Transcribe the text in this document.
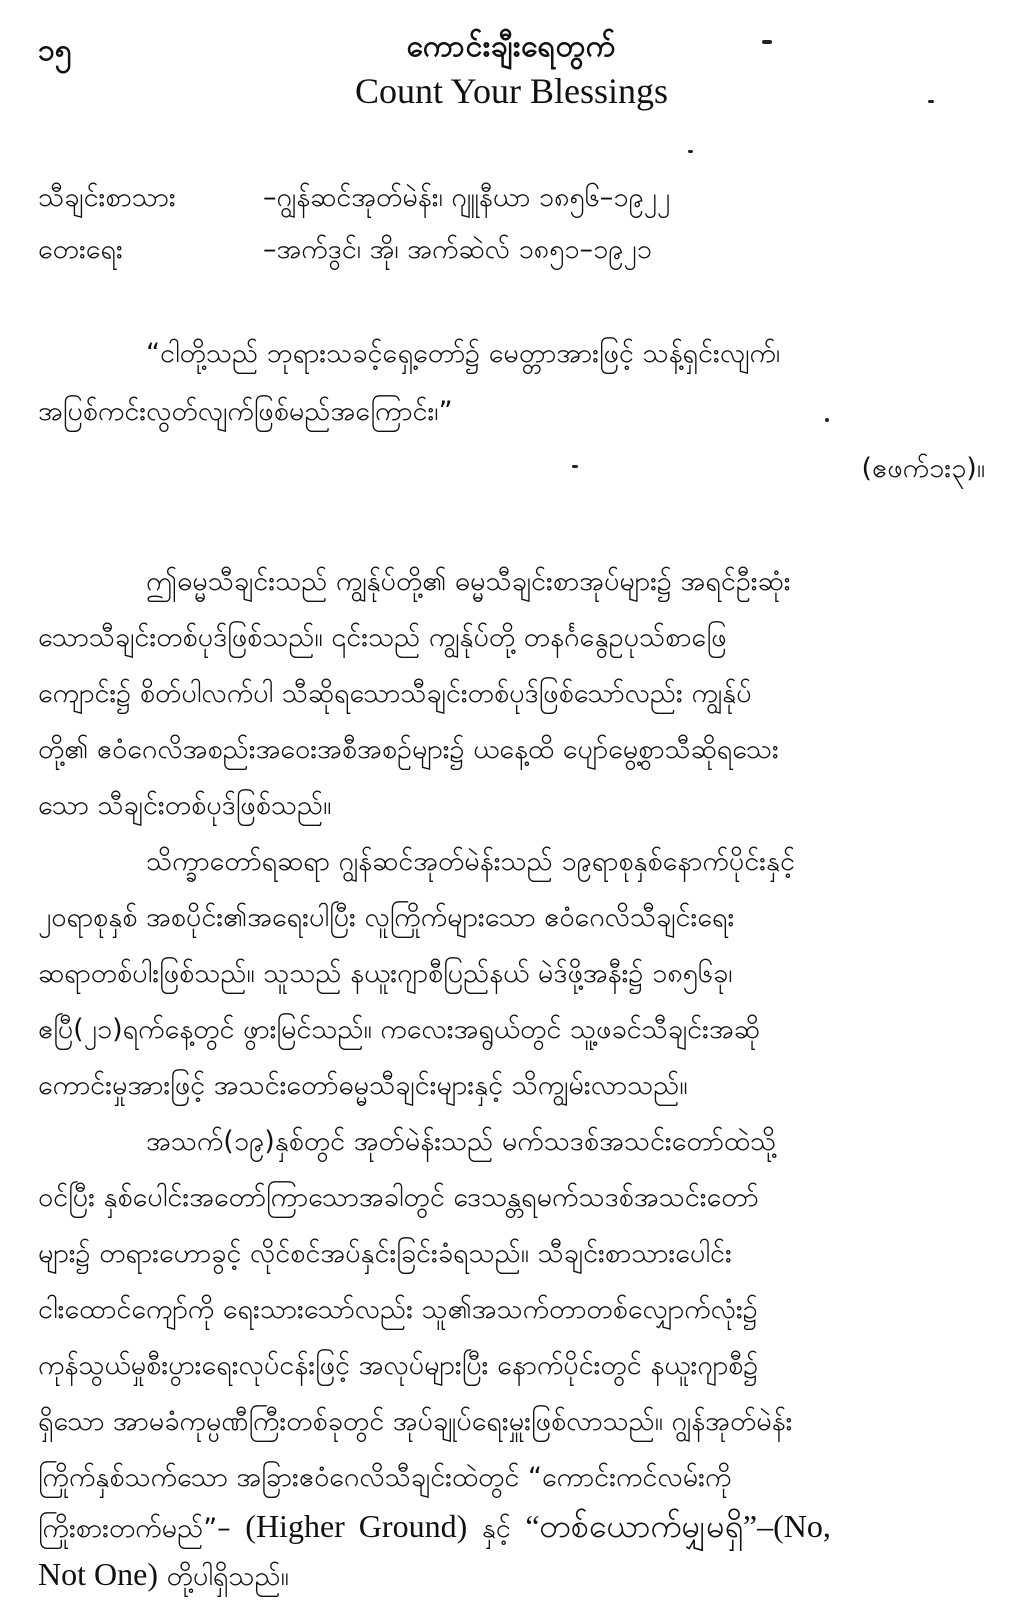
၁၅	ကောင်းချီးရေတွက်
Count Your Blessings
သီချင်းစာသား	–ဂျွန်ဆင်အုတ်မဲန်း၊ ဂျူနီယာ ၁၈၅၆–၁၉၂၂
တေးရေး	–အက်ဒွင်၊ အို၊ အက်ဆဲလ် ၁၈၅၁–၁၉၂၁
“ငါတို့သည် ဘုရားသခင့်ရှေ့တော်၌ မေတ္တာအားဖြင့် သန့်ရှင်းလျက်၊
အပြစ်ကင်းလွတ်လျက်ဖြစ်မည်အကြောင်း၊”
(ဧဖက်၁း၃)။
ဤဓမ္မသီချင်းသည် ကျွန်ုပ်တို့၏ ဓမ္မသီချင်းစာအုပ်များ၌ အရင်ဦးဆုံး
သောသီချင်းတစ်ပုဒ်ဖြစ်သည်။ ၎င်းသည် ကျွန်ုပ်တို့ တနင်္ဂနွေဥပုသ်စာဖြေ
ကျောင်း၌ စိတ်ပါလက်ပါ သီဆိုရသောသီချင်းတစ်ပုဒ်ဖြစ်သော်လည်း ကျွန်ုပ်
တို့၏ ဧဝံဂေလိအစည်းအဝေးအစီအစဉ်များ၌ ယနေ့ထိ ပျော်မွေ့စွာသီဆိုရသေး
သော သီချင်းတစ်ပုဒ်ဖြစ်သည်။
သိက္ခာတော်ရဆရာ ဂျွန်ဆင်အုတ်မဲန်းသည် ၁၉ရာစုနှစ်နောက်ပိုင်းနှင့်
၂၀ရာစုနှစ် အစပိုင်း၏အရေးပါပြီး လူကြိုက်များသော ဧဝံဂေလိသီချင်းရေး
ဆရာတစ်ပါးဖြစ်သည်။ သူသည် နယူးဂျာစီပြည်နယ် မဲဒ်ဖို့အနီး၌ ၁၈၅၆ခု၊
ဧပြီ(၂၁)ရက်နေ့တွင် ဖွားမြင်သည်။ ကလေးအရွယ်တွင် သူ့ဖခင်သီချင်းအဆို
ကောင်းမှုအားဖြင့် အသင်းတော်ဓမ္မသီချင်းများနှင့် သိကျွမ်းလာသည်။
အသက်(၁၉)နှစ်တွင် အုတ်မဲန်းသည် မက်သဒစ်အသင်းတော်ထဲသို့
ဝင်ပြီး နှစ်ပေါင်းအတော်ကြာသောအခါတွင် ဒေသန္တရမက်သဒစ်အသင်းတော်
များ၌ တရားဟောခွင့် လိုင်စင်အပ်နှင်းခြင်းခံရသည်။ သီချင်းစာသားပေါင်း
ငါးထောင်ကျော်ကို ရေးသားသော်လည်း သူ၏အသက်တာတစ်လျှောက်လုံး၌
ကုန်သွယ်မှုစီးပွားရေးလုပ်ငန်းဖြင့် အလုပ်များပြီး နောက်ပိုင်းတွင် နယူးဂျာစီ၌
ရှိသော အာမခံကုမ္ပဏီကြီးတစ်ခုတွင် အုပ်ချုပ်ရေးမှူးဖြစ်လာသည်။ ဂျွန်အုတ်မဲန်း
ကြိုက်နှစ်သက်သော အခြားဧဝံဂေလိသီချင်းထဲတွင် “ကောင်းကင်လမ်းကို
ကြိုးစားတက်မည်”– (Higher Ground) နှင့် “တစ်ယောက်မျှမရှိ”–(No,
Not One) တို့ပါရှိသည်။
